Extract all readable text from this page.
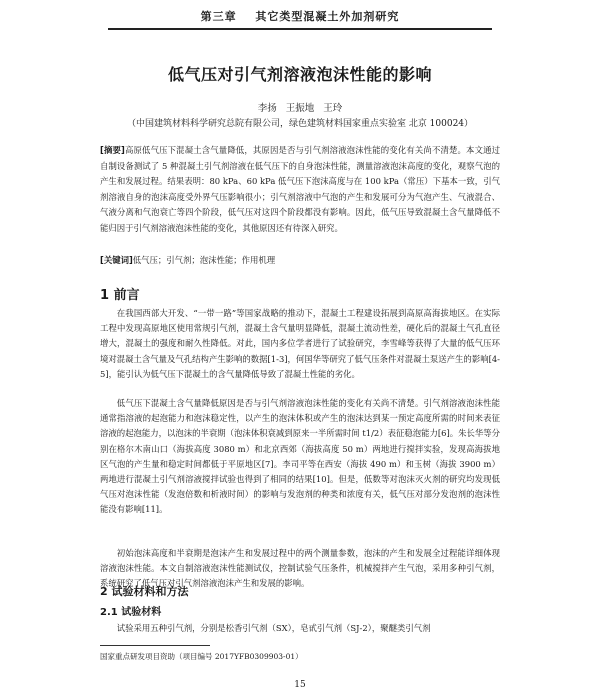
第三章 其它类型混凝土外加剂研究
低气压对引气剂溶液泡沫性能的影响
李扬 王振地 王玲
（中国建筑材料科学研究总院有限公司，绿色建筑材料国家重点实验室 北京 100024）
[摘要]高原低气压下混凝土含气量降低，其原因是否与引气剂溶液泡沫性能的变化有关尚不清楚。本文通过自制设备测试了 5 种混凝土引气剂溶液在低气压下的自身泡沫性能，测量溶液泡沫高度的变化，观察气泡的产生和发展过程。结果表明：80 kPa、60 kPa 低气压下泡沫高度与在 100 kPa（常压）下基本一致，引气剂溶液自身的泡沫高度受外界气压影响很小；引气剂溶液中气泡的产生和发展可分为气泡产生、气液混合、气液分离和气泡衰亡等四个阶段，低气压对这四个阶段都没有影响。因此，低气压导致混凝土含气量降低不能归因于引气剂溶液泡沫性能的变化，其他原因还有待深入研究。
[关键词]低气压；引气剂；泡沫性能；作用机理
1 前言
在我国西部大开发、“一带一路”等国家战略的推动下，混凝土工程建设拓展到高原高海拔地区。在实际工程中发现高原地区使用常规引气剂，混凝土含气量明显降低，混凝土流动性差，硬化后的混凝土气孔直径增大，混凝土的强度和耐久性降低。对此，国内多位学者进行了试验研究，李雪峰等获得了大量的低气压环境对混凝土含气量及气孔结构产生影响的数据[1-3]，何国华等研究了低气压条件对混凝土泵送产生的影响[4-5]，能引认为低气压下混凝土的含气量降低导致了混凝土性能的劣化。
低气压下混凝土含气量降低原因是否与引气剂溶液泡沫性能的变化有关尚不清楚。引气剂溶液泡沫性能通常指溶液的起泡能力和泡沫稳定性，以产生的泡沫体积或产生的泡沫达到某一预定高度所需的时间来表征溶液的起泡能力，以泡沫的半衰期（泡沫体积衰减到原来一半所需时间 t1/2）表征稳泡能力[6]。朱长华等分别在格尔木南山口（海拔高度 3080 m）和北京西郊（海拔高度 50 m）两地进行搅拌实验，发现高海拔地区气泡的产生量和稳定时间都低于平原地区[7]。李司平等在西安（海拔 490 m）和玉树（海拔 3900 m）两地进行混凝土引气剂溶液搅拌试验也得到了相同的结果[10]。但是，低数等对泡沫灭火剂的研究均发现低气压对泡沫性能（发泡倍数和析液时间）的影响与发泡剂的种类和浓度有关，低气压对部分发泡剂的泡沫性能没有影响[11]。
初始泡沫高度和半衰期是泡沫产生和发展过程中的两个测量参数，泡沫的产生和发展全过程能详细体现溶液泡沫性能。本文自制溶液泡沫性能测试仪，控制试验气压条件，机械搅拌产生气泡，采用多种引气剂，系统研究了低气压对引气剂溶液泡沫产生和发展的影响。
2 试验材料和方法
2.1 试验材料
试验采用五种引气剂，分别是松香引气剂（SX），皂甙引气剂（SJ-2），聚醚类引气剂
国家重点研发项目资助（项目编号 2017YFB0309903-01）
15
